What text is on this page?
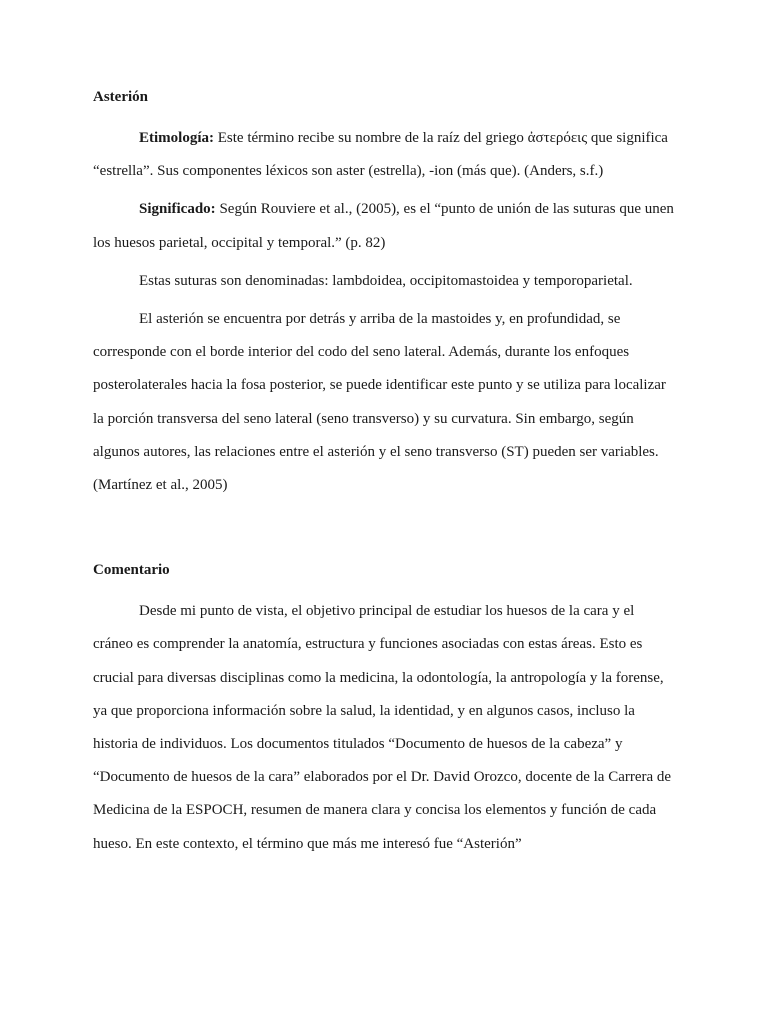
Asterión

Etimología: Este término recibe su nombre de la raíz del griego ἀστερόεις que significa “estrella”. Sus componentes léxicos son aster (estrella), -ion (más que). (Anders, s.f.)

Significado: Según Rouviere et al., (2005), es el “punto de unión de las suturas que unen los huesos parietal, occipital y temporal.” (p. 82)

Estas suturas son denominadas: lambdoidea, occipitomastoidea y temporoparietal.

El asterión se encuentra por detrás y arriba de la mastoides y, en profundidad, se corresponde con el borde interior del codo del seno lateral. Además, durante los enfoques posterolaterales hacia la fosa posterior, se puede identificar este punto y se utiliza para localizar la porción transversa del seno lateral (seno transverso) y su curvatura. Sin embargo, según algunos autores, las relaciones entre el asterión y el seno transverso (ST) pueden ser variables. (Martínez et al., 2005)

Comentario

Desde mi punto de vista, el objetivo principal de estudiar los huesos de la cara y el cráneo es comprender la anatomía, estructura y funciones asociadas con estas áreas. Esto es crucial para diversas disciplinas como la medicina, la odontología, la antropología y la forense, ya que proporciona información sobre la salud, la identidad, y en algunos casos, incluso la historia de individuos. Los documentos titulados “Documento de huesos de la cabeza” y “Documento de huesos de la cara” elaborados por el Dr. David Orozco, docente de la Carrera de Medicina de la ESPOCH, resumen de manera clara y concisa los elementos y función de cada hueso. En este contexto, el término que más me interesó fue “Asterión”
